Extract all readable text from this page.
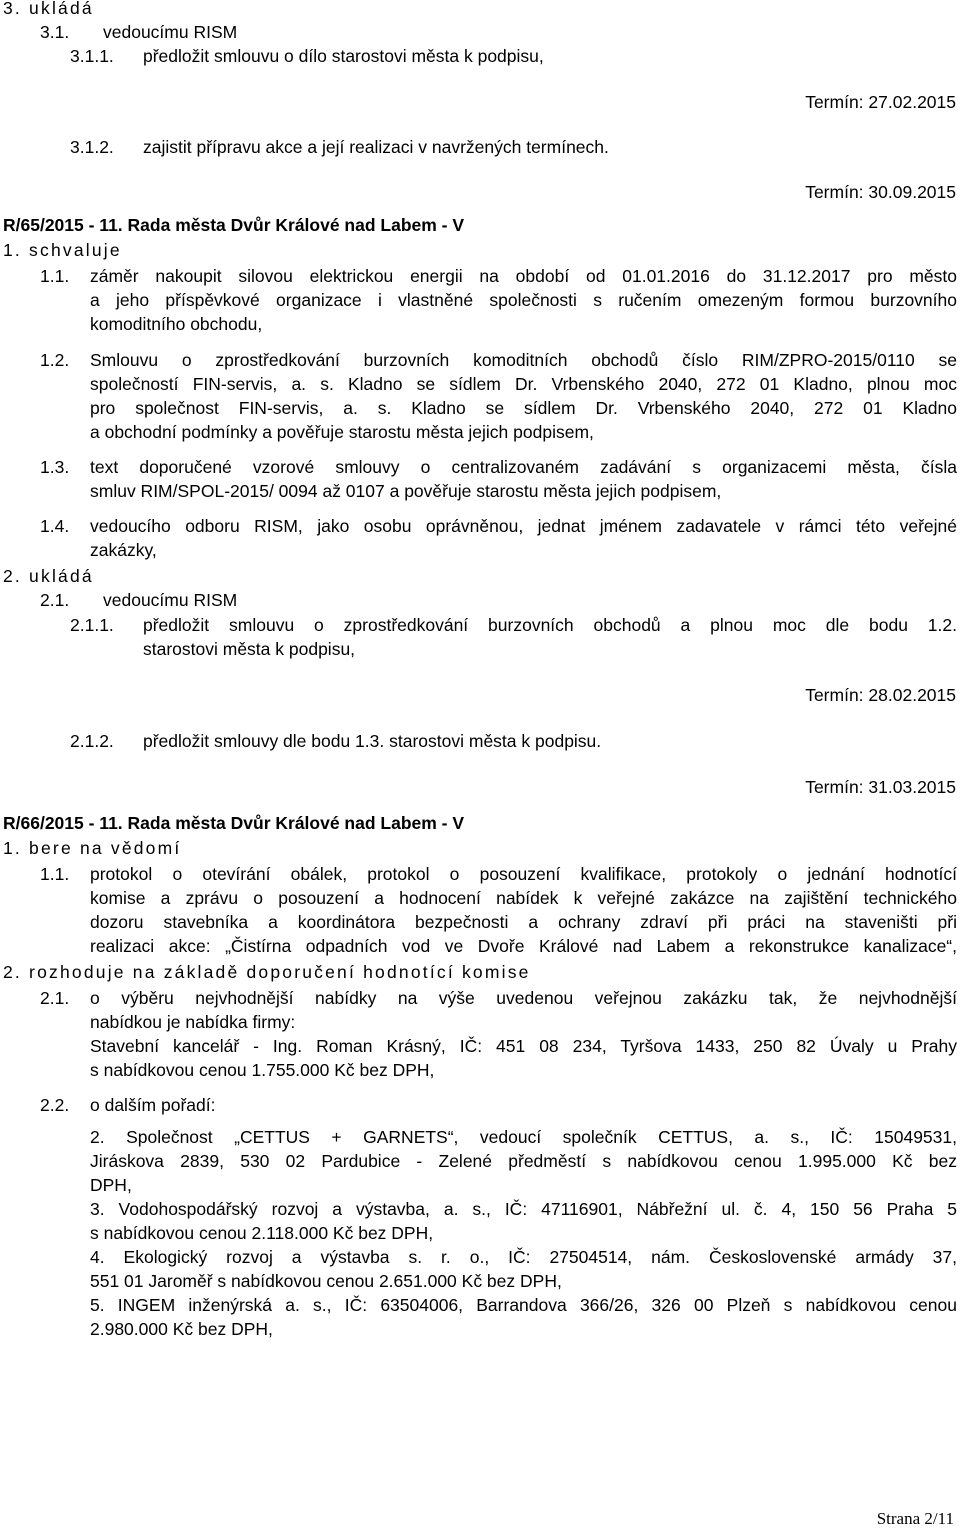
3. ukládá
3.1. vedoucímu RISM
3.1.1. předložit smlouvu o dílo starostovi města k podpisu,
Termín: 27.02.2015
3.1.2. zajistit přípravu akce a její realizaci v navržených termínech.
Termín: 30.09.2015
R/65/2015 - 11. Rada města Dvůr Králové nad Labem - V
1. schvaluje
1.1. záměr nakoupit silovou elektrickou energii na období od 01.01.2016 do 31.12.2017 pro město
a jeho příspěvkové organizace i vlastněné společnosti s ručením omezeným formou burzovního
komoditního obchodu,
1.2. Smlouvu o zprostředkování burzovních komoditních obchodů číslo RIM/ZPRO-2015/0110 se
společností FIN-servis, a. s. Kladno se sídlem Dr. Vrbenského 2040, 272 01 Kladno, plnou moc
pro společnost FIN-servis, a. s. Kladno se sídlem Dr. Vrbenského 2040, 272 01 Kladno
a obchodní podmínky a pověřuje starostu města jejich podpisem,
1.3. text doporučené vzorové smlouvy o centralizovaném zadávání s organizacemi města, čísla
smluv RIM/SPOL-2015/ 0094 až 0107 a pověřuje starostu města jejich podpisem,
1.4. vedoucího odboru RISM, jako osobu oprávněnou, jednat jménem zadavatele v rámci této veřejné
zakázky,
2. ukládá
2.1. vedoucímu RISM
2.1.1. předložit smlouvu o zprostředkování burzovních obchodů a plnou moc dle bodu 1.2.
starostovi města k podpisu,
Termín: 28.02.2015
2.1.2. předložit smlouvy dle bodu 1.3. starostovi města k podpisu.
Termín: 31.03.2015
R/66/2015 - 11. Rada města Dvůr Králové nad Labem - V
1. bere na vědomí
1.1. protokol o otevírání obálek, protokol o posouzení kvalifikace, protokoly o jednání hodnotící
komise a zprávu o posouzení a hodnocení nabídek k veřejné zakázce na zajištění technického
dozoru stavebníka a koordinátora bezpečnosti a ochrany zdraví při práci na staveništi při
realizaci akce: „Čistírna odpadních vod ve Dvoře Králové nad Labem a rekonstrukce kanalizace“,
2. rozhoduje na základě doporučení hodnotící komise
2.1. o výběru nejvhodnější nabídky na výše uvedenou veřejnou zakázku tak, že nejvhodnější
nabídkou je nabídka firmy:
Stavební kancelář - Ing. Roman Krásný, IČ: 451 08 234, Tyršova 1433, 250 82 Úvaly u Prahy
s nabídkovou cenou 1.755.000 Kč bez DPH,
2.2. o dalším pořadí:
2. Společnost „CETTUS + GARNETS“, vedoucí společník CETTUS, a. s., IČ: 15049531,
Jiráskova 2839, 530 02 Pardubice - Zelené předměstí s nabídkovou cenou 1.995.000 Kč bez
DPH,
3. Vodohospodářský rozvoj a výstavba, a. s., IČ: 47116901, Nábřežní ul. č. 4, 150 56 Praha 5
s nabídkovou cenou 2.118.000 Kč bez DPH,
4. Ekologický rozvoj a výstavba s. r. o., IČ: 27504514, nám. Československé armády 37,
551 01 Jaroměř s nabídkovou cenou 2.651.000 Kč bez DPH,
5. INGEM inženýrská a. s., IČ: 63504006, Barrandova 366/26, 326 00 Plzeň s nabídkovou cenou
2.980.000 Kč bez DPH,
Strana 2/11
